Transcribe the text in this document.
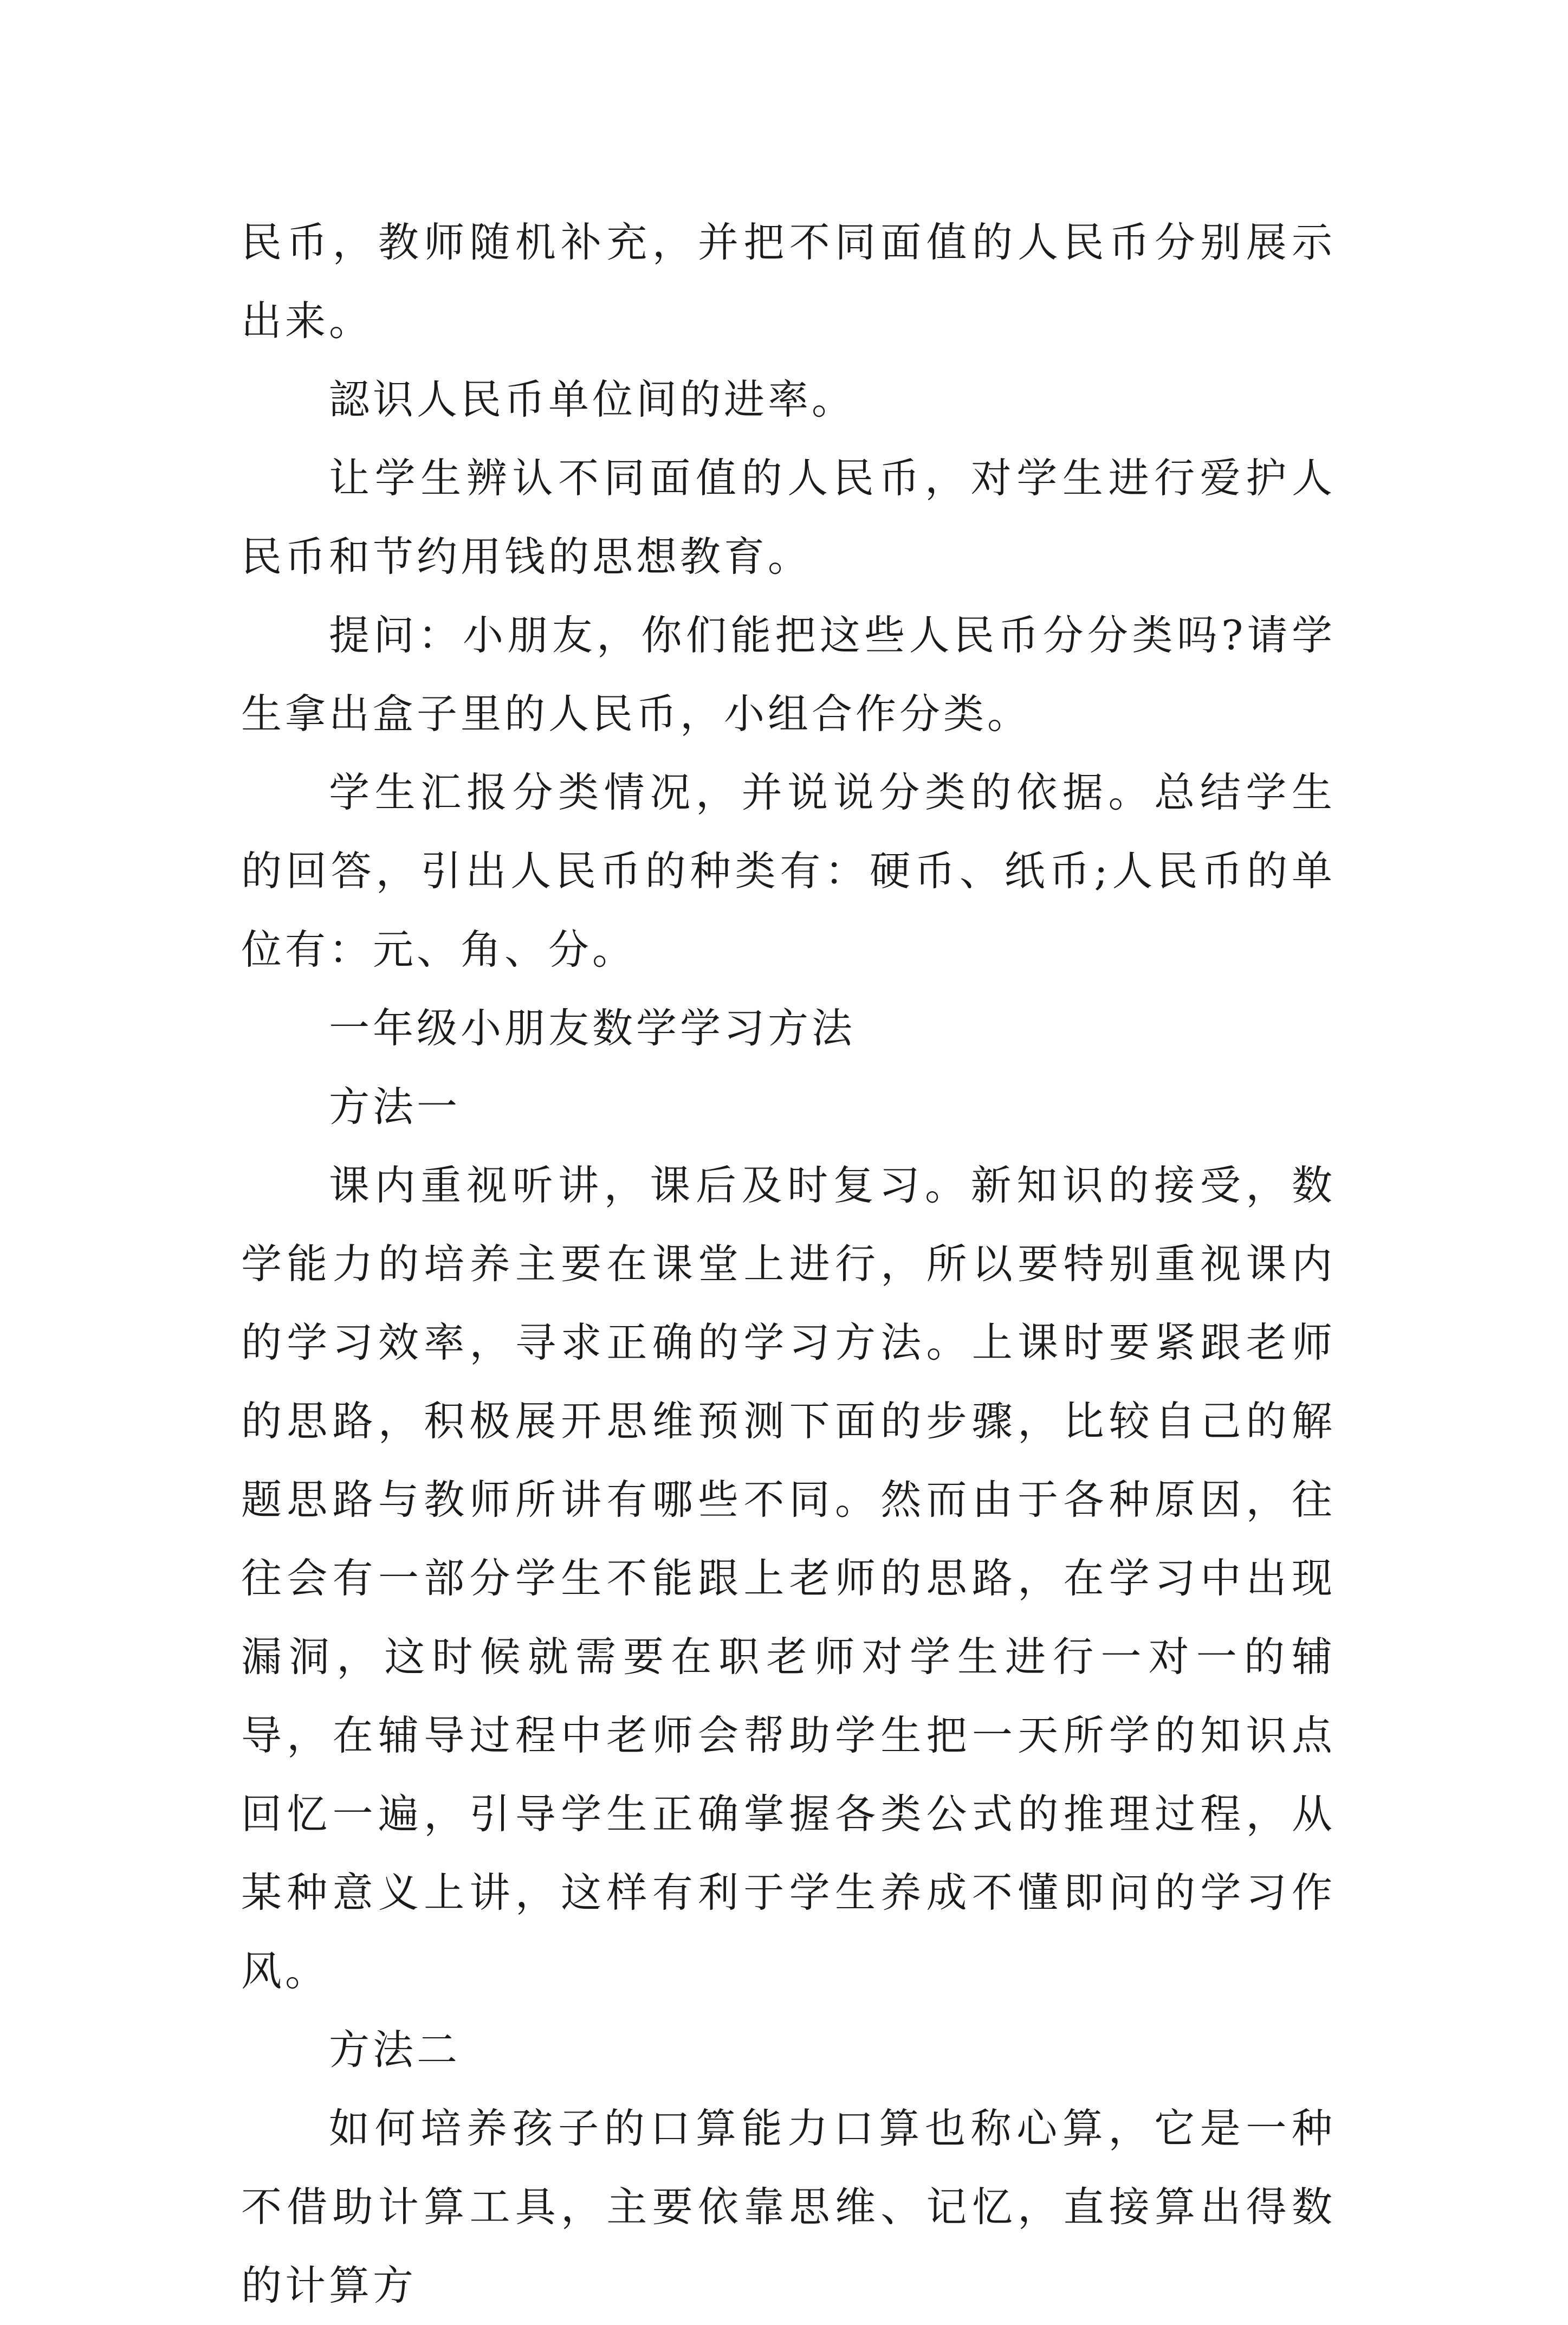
民币，教师随机补充，并把不同面值的人民币分别展示出来。

認识人民币单位间的进率。

让学生辨认不同面值的人民币，对学生进行爱护人民币和节约用钱的思想教育。

提问：小朋友，你们能把这些人民币分分类吗?请学生拿出盒子里的人民币，小组合作分类。

学生汇报分类情况，并说说分类的依据。总结学生的回答，引出人民币的种类有：硬币、纸币;人民币的单位有：元、角、分。

一年级小朋友数学学习方法

方法一

课内重视听讲，课后及时复习。新知识的接受，数学能力的培养主要在课堂上进行，所以要特别重视课内的学习效率，寻求正确的学习方法。上课时要紧跟老师的思路，积极展开思维预测下面的步骤，比较自己的解题思路与教师所讲有哪些不同。然而由于各种原因，往往会有一部分学生不能跟上老师的思路，在学习中出现漏洞，这时候就需要在职老师对学生进行一对一的辅导，在辅导过程中老师会帮助学生把一天所学的知识点回忆一遍，引导学生正确掌握各类公式的推理过程，从某种意义上讲，这样有利于学生养成不懂即问的学习作风。

方法二

如何培养孩子的口算能力口算也称心算，它是一种不借助计算工具，主要依靠思维、记忆，直接算出得数的计算方
